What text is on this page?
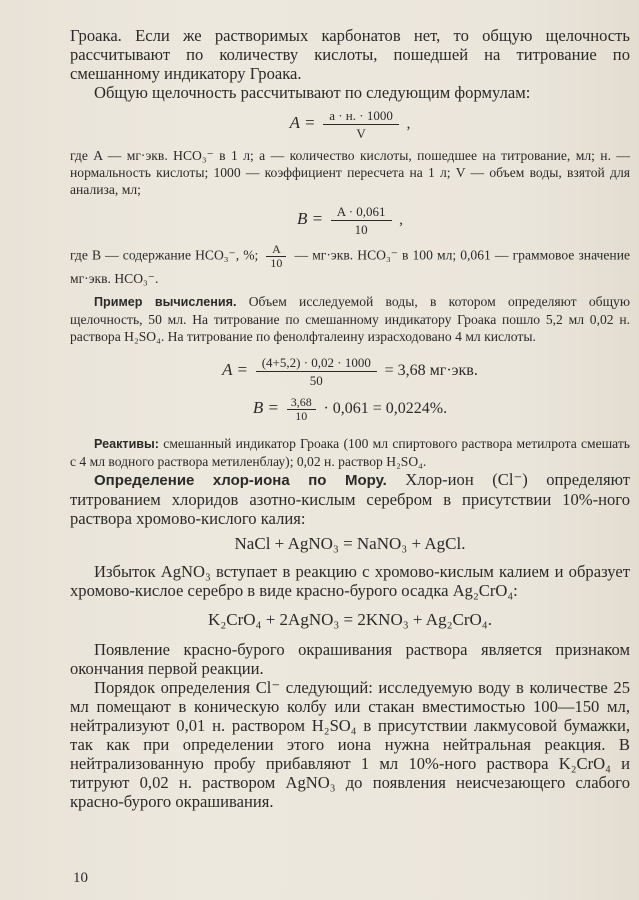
Гроака. Если же растворимых карбонатов нет, то общую щелочность рассчитывают по количеству кислоты, пошедшей на титрование по смешанному индикатору Гроака.

Общую щелочность рассчитывают по следующим формулам:

$A = \frac{a \cdot н. \cdot 1000}{V}$ ,

где A — мг·экв. HCO₃⁻ в 1 л; a — количество кислоты, пошедшее на титрование, мл; н. — нормальность кислоты; 1000 — коэффициент пересчета на 1 л; V — объем воды, взятой для анализа, мл;

$B = \frac{A \cdot 0,061}{10}$ ,

где B — содержание HCO₃⁻, %; $\frac{A}{10}$ — мг·экв. HCO₃⁻ в 100 мл; 0,061 — граммовое значение мг·экв. HCO₃⁻.

Пример вычисления. Объем исследуемой воды, в котором определяют общую щелочность, 50 мл. На титрование по смешанному индикатору Гроака пошло 5,2 мл 0,02 н. раствора H₂SO₄. На титрование по фенолфталеину израсходовано 4 мл кислоты.

$A = \frac{(4+5,2) \cdot 0,02 \cdot 1000}{50} = 3,68$ мг·экв.
$B = \frac{3,68}{10} \cdot 0,061 = 0,0224\%$.

Реактивы: смешанный индикатор Гроака (100 мл спиртового раствора метилрота смешать с 4 мл водного раствора метиленблау); 0,02 н. раствор H₂SO₄.

Определение хлор-иона по Мору. Хлор-ион (Cl⁻) определяют титрованием хлоридов азотно-кислым серебром в присутствии 10%-ного раствора хромово-кислого калия:

NaCl + AgNO₃ = NaNO₃ + AgCl.

Избыток AgNO₃ вступает в реакцию с хромово-кислым калием и образует хромово-кислое серебро в виде красно-бурого осадка Ag₂CrO₄:

K₂CrO₄ + 2AgNO₃ = 2KNO₃ + Ag₂CrO₄.

Появление красно-бурого окрашивания раствора является признаком окончания первой реакции.

Порядок определения Cl⁻ следующий: исследуемую воду в количестве 25 мл помещают в коническую колбу или стакан вместимостью 100—150 мл, нейтрализуют 0,01 н. раствором H₂SO₄ в присутствии лакмусовой бумажки, так как при определении этого иона нужна нейтральная реакция. В нейтрализованную пробу прибавляют 1 мл 10%-ного раствора K₂CrO₄ и титруют 0,02 н. раствором AgNO₃ до появления неисчезающего слабого красно-бурого окрашивания.

10
